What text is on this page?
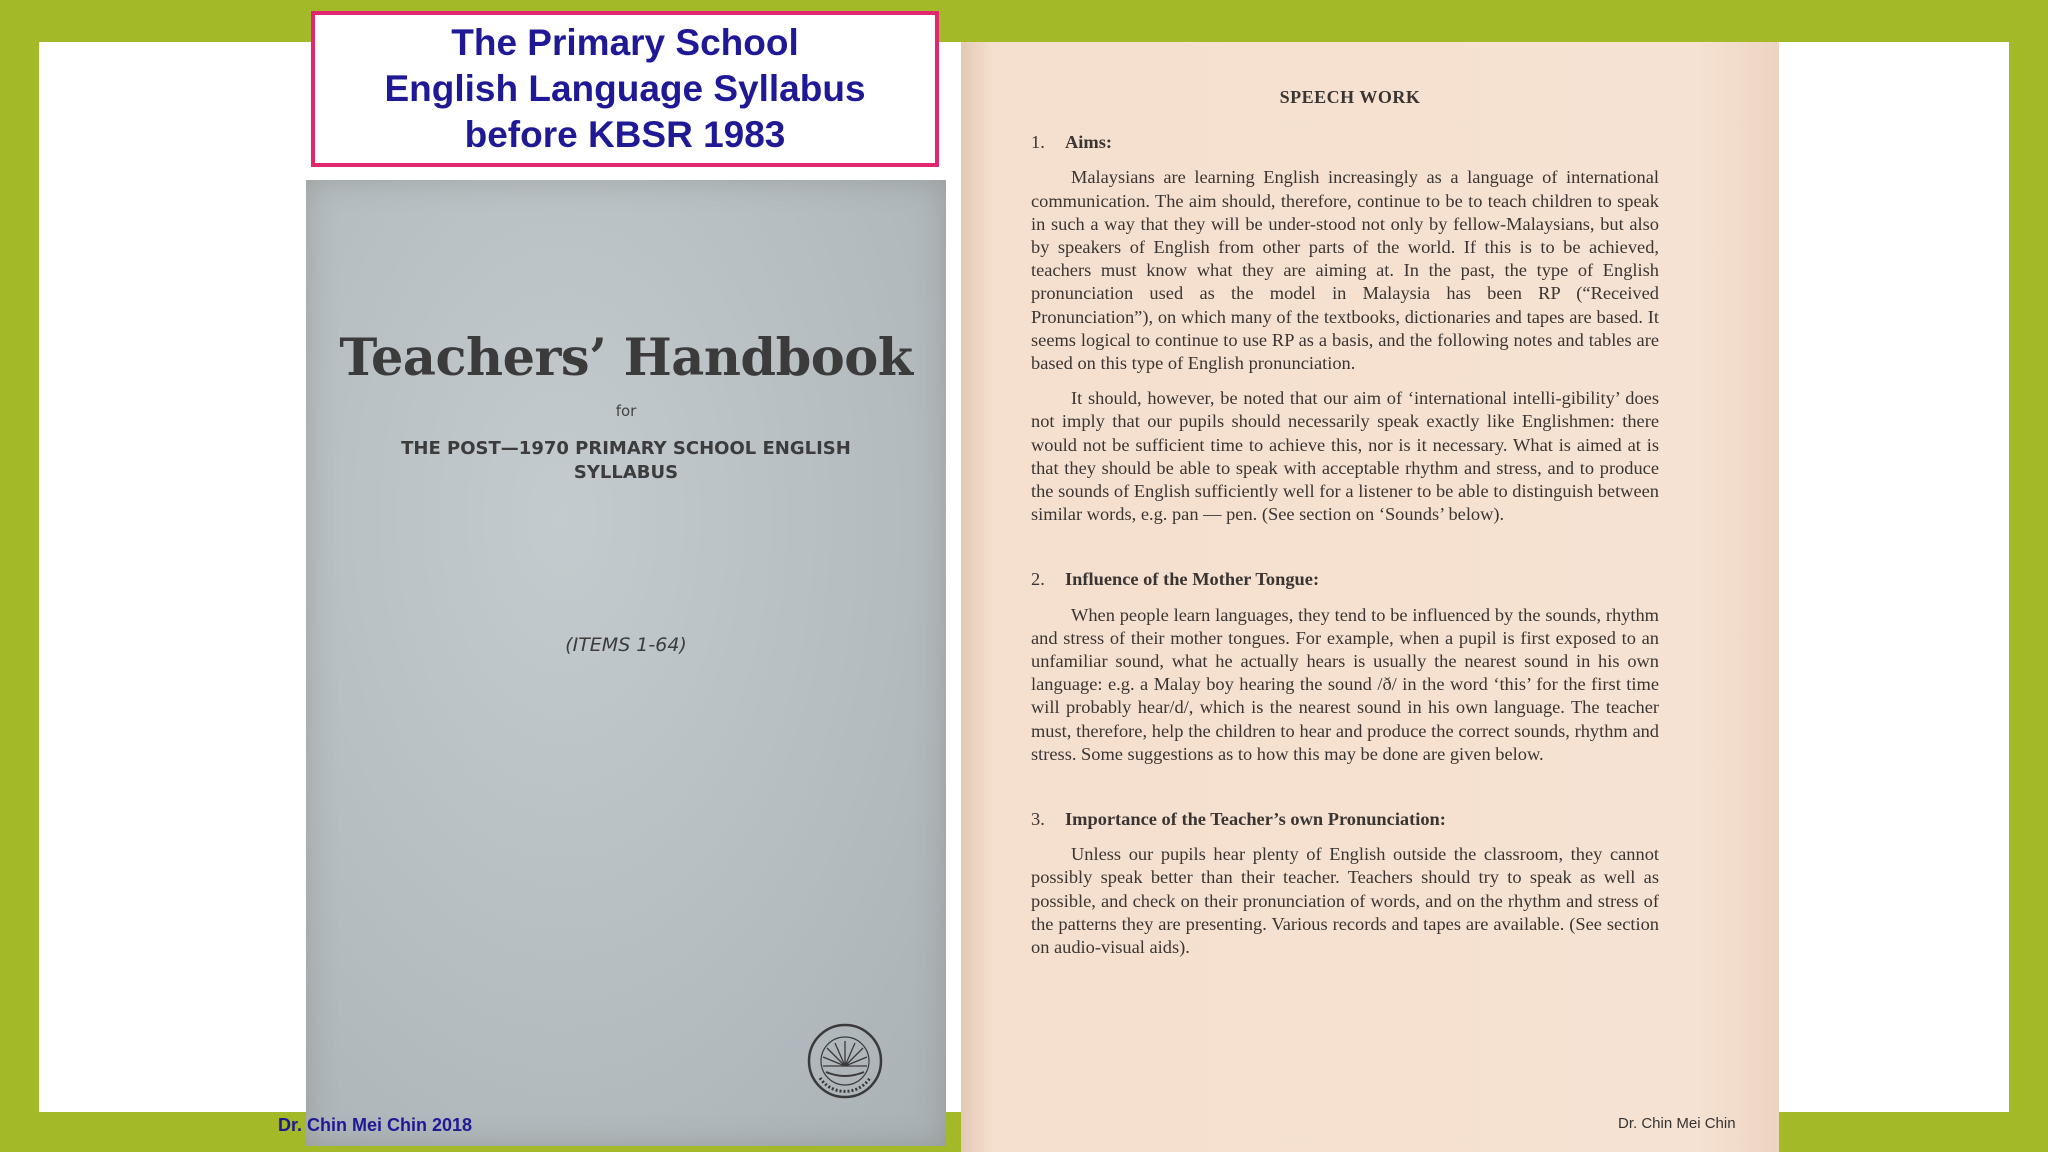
The Primary School
English Language Syllabus
before KBSR 1983
Teachers’ Handbook
for
THE POST—1970 PRIMARY SCHOOL ENGLISH
SYLLABUS
(ITEMS 1-64)
SPEECH WORK
1. Aims:
Malaysians are learning English increasingly as a language of international communication. The aim should, therefore, continue to be to teach children to speak in such a way that they will be under-stood not only by fellow-Malaysians, but also by speakers of English from other parts of the world. If this is to be achieved, teachers must know what they are aiming at. In the past, the type of English pronunciation used as the model in Malaysia has been RP (“Received Pronunciation”), on which many of the textbooks, dictionaries and tapes are based. It seems logical to continue to use RP as a basis, and the following notes and tables are based on this type of English pronunciation.
It should, however, be noted that our aim of ‘international intelli-gibility’ does not imply that our pupils should necessarily speak exactly like Englishmen: there would not be sufficient time to achieve this, nor is it necessary. What is aimed at is that they should be able to speak with acceptable rhythm and stress, and to produce the sounds of English sufficiently well for a listener to be able to distinguish between similar words, e.g. pan — pen. (See section on ‘Sounds’ below).
2. Influence of the Mother Tongue:
When people learn languages, they tend to be influenced by the sounds, rhythm and stress of their mother tongues. For example, when a pupil is first exposed to an unfamiliar sound, what he actually hears is usually the nearest sound in his own language: e.g. a Malay boy hearing the sound /ð/ in the word ‘this’ for the first time will probably hear/d/, which is the nearest sound in his own language. The teacher must, therefore, help the children to hear and produce the correct sounds, rhythm and stress. Some suggestions as to how this may be done are given below.
3. Importance of the Teacher’s own Pronunciation:
Unless our pupils hear plenty of English outside the classroom, they cannot possibly speak better than their teacher. Teachers should try to speak as well as possible, and check on their pronunciation of words, and on the rhythm and stress of the patterns they are presenting. Various records and tapes are available. (See section on audio-visual aids).
Dr. Chin Mei Chin 2018	Dr. Chin Mei Chin
